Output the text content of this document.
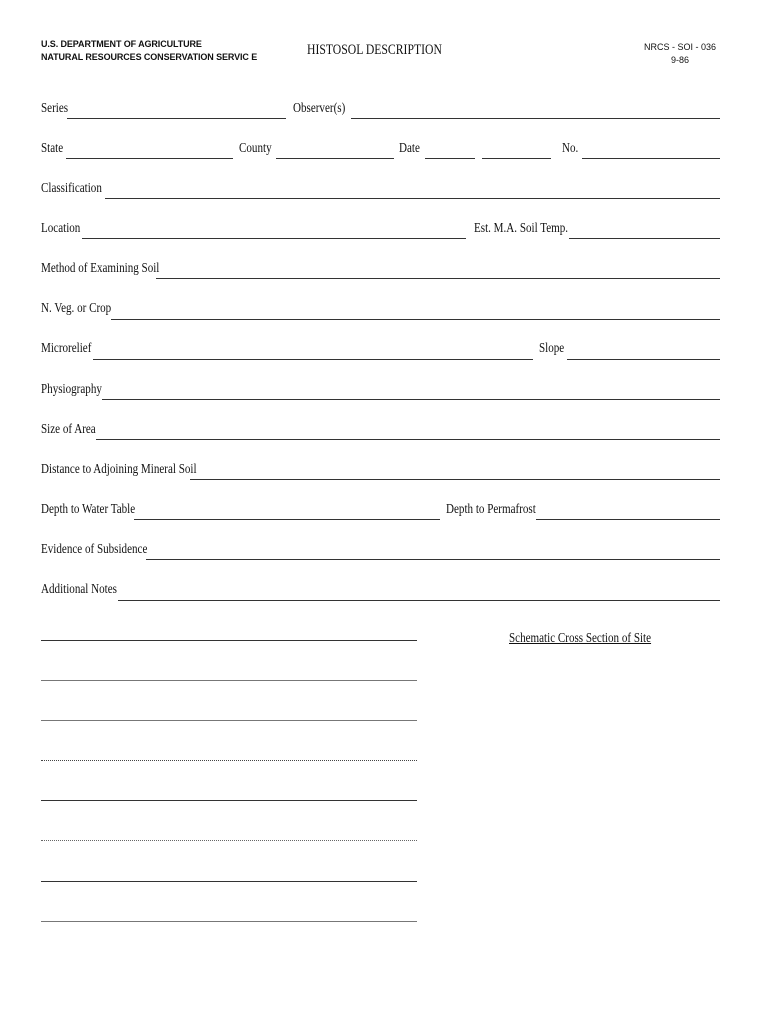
U.S. DEPARTMENT OF AGRICULTURE
NATURAL RESOURCES CONSERVATION SERVIC E	HISTOSOL DESCRIPTION	NRCS - SOI - 036
9-86
Series	Observer(s)
State	County	Date	No.
Classification
Location	Est. M.A. Soil Temp.
Method of Examining Soil
N. Veg. or Crop
Microrelief	Slope
Physiography
Size of Area
Distance to Adjoining Mineral Soil
Depth to Water Table	Depth to Permafrost
Evidence of Subsidence
Additional Notes
Schematic Cross Section of Site
